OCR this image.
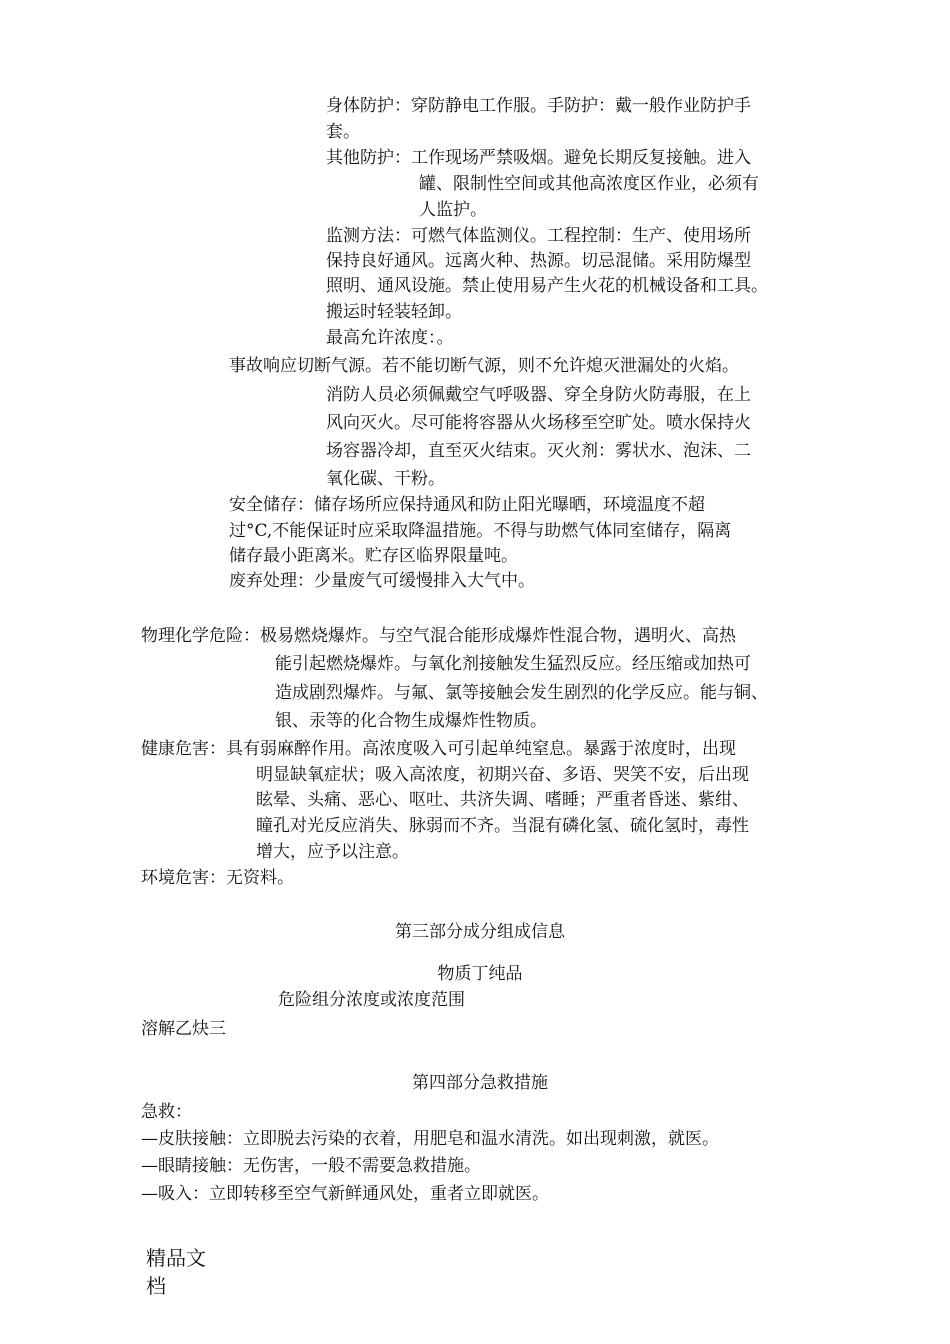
身体防护：穿防静电工作服。手防护：戴一般作业防护手
套。
其他防护：工作现场严禁吸烟。避免长期反复接触。进入
罐、限制性空间或其他高浓度区作业，必须有
人监护。
监测方法：可燃气体监测仪。工程控制：生产、使用场所
保持良好通风。远离火种、热源。切忌混储。采用防爆型
照明、通风设施。禁止使用易产生火花的机械设备和工具。
搬运时轻装轻卸。
最高允许浓度：。
事故响应切断气源。若不能切断气源，则不允许熄灭泄漏处的火焰。
消防人员必须佩戴空气呼吸器、穿全身防火防毒服，在上
风向灭火。尽可能将容器从火场移至空旷处。喷水保持火
场容器冷却，直至灭火结束。灭火剂：雾状水、泡沫、二
氧化碳、干粉。
安全储存：储存场所应保持通风和防止阳光曝晒，环境温度不超
过°C,不能保证时应采取降温措施。不得与助燃气体同室储存，隔离
储存最小距离米。贮存区临界限量吨。
废弃处理：少量废气可缓慢排入大气中。
物理化学危险：极易燃烧爆炸。与空气混合能形成爆炸性混合物，遇明火、高热
能引起燃烧爆炸。与氧化剂接触发生猛烈反应。经压缩或加热可
造成剧烈爆炸。与氟、氯等接触会发生剧烈的化学反应。能与铜、
银、汞等的化合物生成爆炸性物质。
健康危害：具有弱麻醉作用。高浓度吸入可引起单纯窒息。暴露于浓度时，出现
明显缺氧症状；吸入高浓度，初期兴奋、多语、哭笑不安，后出现
眩晕、头痛、恶心、呕吐、共济失调、嗜睡；严重者昏迷、紫绀、
瞳孔对光反应消失、脉弱而不齐。当混有磷化氢、硫化氢时，毒性
增大，应予以注意。
环境危害：无资料。
第三部分成分组成信息
物质丁纯品
危险组分浓度或浓度范围
溶解乙炔三
第四部分急救措施
急救：
—皮肤接触：立即脱去污染的衣着，用肥皂和温水清洗。如出现刺激，就医。
—眼睛接触：无伤害，一般不需要急救措施。
—吸入：立即转移至空气新鲜通风处，重者立即就医。
精品文
档
